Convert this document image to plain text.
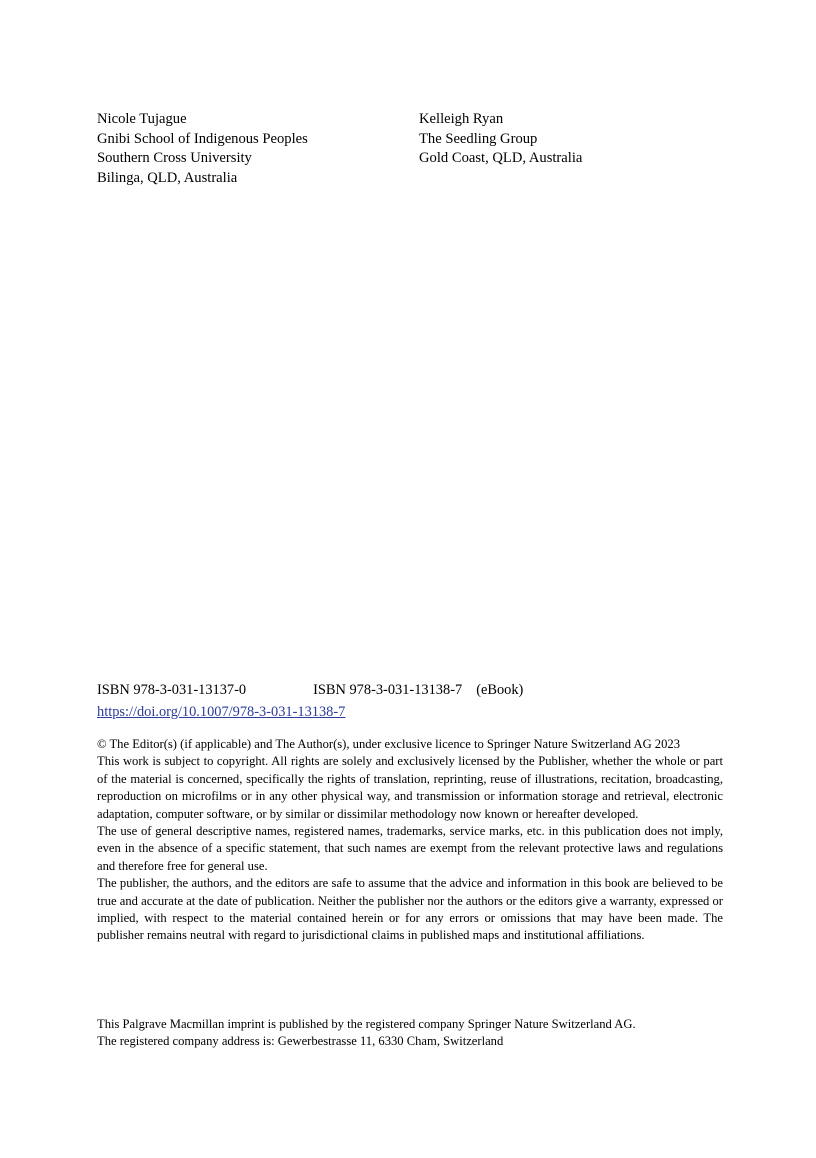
Nicole Tujague
Gnibi School of Indigenous Peoples
Southern Cross University
Bilinga, QLD, Australia
Kelleigh Ryan
The Seedling Group
Gold Coast, QLD, Australia
ISBN 978-3-031-13137-0	ISBN 978-3-031-13138-7 (eBook)
https://doi.org/10.1007/978-3-031-13138-7

© The Editor(s) (if applicable) and The Author(s), under exclusive licence to Springer Nature Switzerland AG 2023

This work is subject to copyright. All rights are solely and exclusively licensed by the Publisher, whether the whole or part of the material is concerned, specifically the rights of translation, reprinting, reuse of illustrations, recitation, broadcasting, reproduction on microfilms or in any other physical way, and transmission or information storage and retrieval, electronic adaptation, computer software, or by similar or dissimilar methodology now known or hereafter developed.

The use of general descriptive names, registered names, trademarks, service marks, etc. in this publication does not imply, even in the absence of a specific statement, that such names are exempt from the relevant protective laws and regulations and therefore free for general use.

The publisher, the authors, and the editors are safe to assume that the advice and information in this book are believed to be true and accurate at the date of publication. Neither the publisher nor the authors or the editors give a warranty, expressed or implied, with respect to the material contained herein or for any errors or omissions that may have been made. The publisher remains neutral with regard to jurisdictional claims in published maps and institutional affiliations.

This Palgrave Macmillan imprint is published by the registered company Springer Nature Switzerland AG.

The registered company address is: Gewerbestrasse 11, 6330 Cham, Switzerland
